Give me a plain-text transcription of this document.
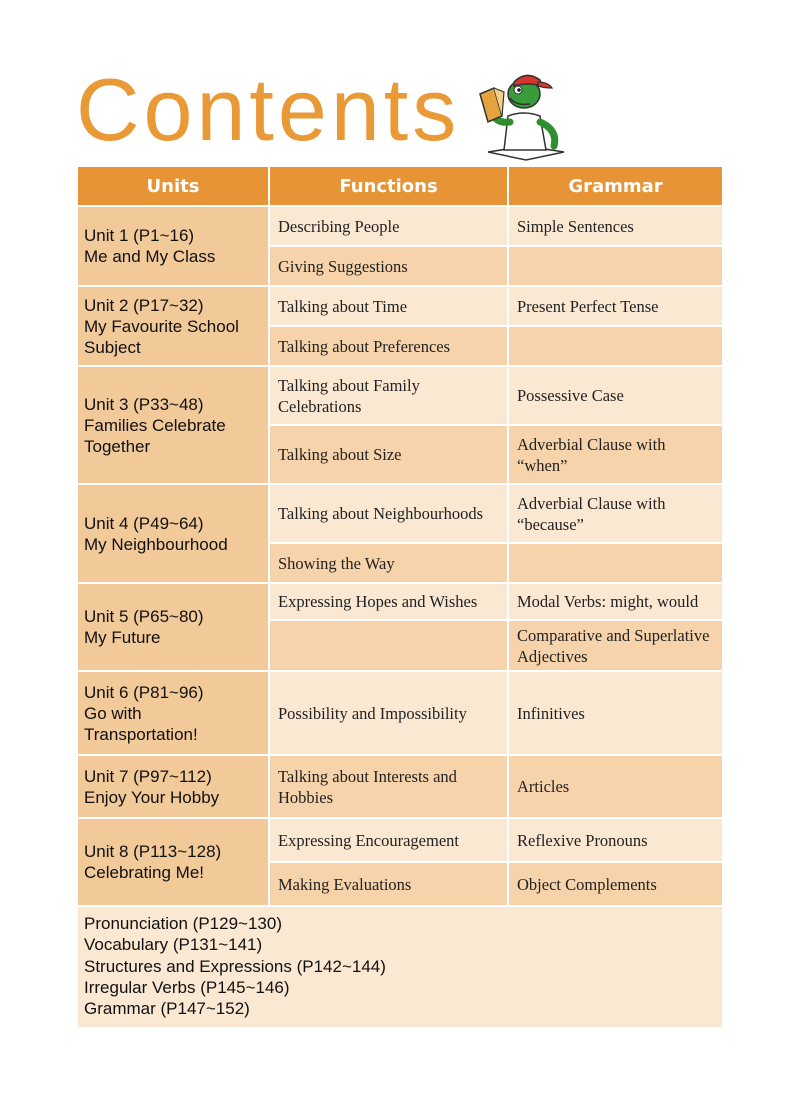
Contents
Units	Functions	Grammar

Unit 1 (P1~16)
Me and My Class	Describing People	Simple Sentences
	Giving Suggestions	

Unit 2 (P17~32)
My Favourite School
Subject	Talking about Time	Present Perfect Tense
	Talking about Preferences	

Unit 3 (P33~48)
Families Celebrate
Together	Talking about Family Celebrations	Possessive Case
	Talking about Size	Adverbial Clause with “when”

Unit 4 (P49~64)
My Neighbourhood	Talking about Neighbourhoods	Adverbial Clause with “because”
	Showing the Way	

Unit 5 (P65~80)
My Future	Expressing Hopes and Wishes	Modal Verbs: might, would
		Comparative and Superlative Adjectives

Unit 6 (P81~96)
Go with
Transportation!	Possibility and Impossibility	Infinitives

Unit 7 (P97~112)
Enjoy Your Hobby	Talking about Interests and Hobbies	Articles

Unit 8 (P113~128)
Celebrating Me!	Expressing Encouragement	Reflexive Pronouns
	Making Evaluations	Object Complements

Pronunciation (P129~130)
Vocabulary (P131~141)
Structures and Expressions (P142~144)
Irregular Verbs (P145~146)
Grammar (P147~152)		
